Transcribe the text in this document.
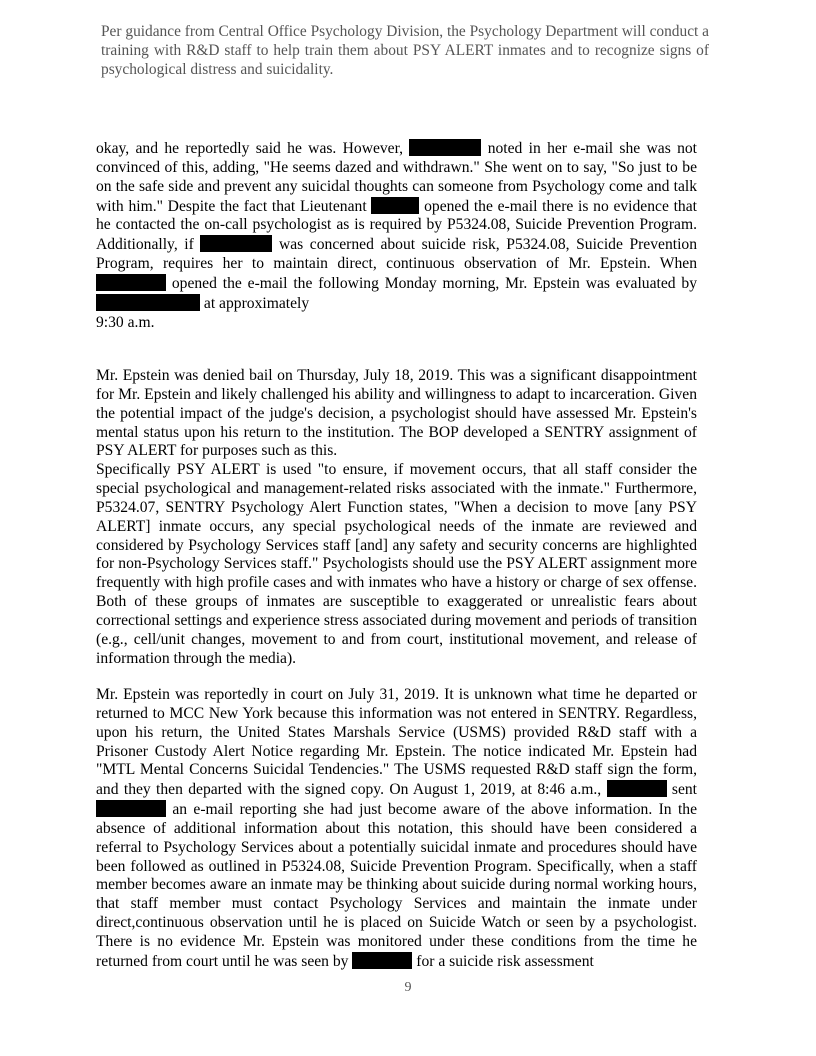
Per guidance from Central Office Psychology Division, the Psychology Department will conduct a training with R&D staff to help train them about PSY ALERT inmates and to recognize signs of psychological distress and suicidality.

okay, and he reportedly said he was. However,	noted in her e-mail she was not convinced of this, adding, "He seems dazed and withdrawn." She went on to say, "So just to be on the safe side and prevent any suicidal thoughts can someone from Psychology come and talk with him." Despite the fact that Lieutenant	opened the e-mail there is no evidence that he contacted the on-call psychologist as is required by P5324.08, Suicide Prevention Program. Additionally, if	was concerned about suicide risk, P5324.08, Suicide Prevention Program, requires her to maintain direct, continuous observation of Mr. Epstein. When  opened the e-mail the following Monday morning, Mr. Epstein was evaluated by  at approximately
9:30 a.m.

Mr. Epstein was denied bail on Thursday, July 18, 2019. This was a significant disappointment for Mr. Epstein and likely challenged his ability and willingness to adapt to incarceration. Given the potential impact of the judge's decision, a psychologist should have assessed Mr. Epstein's mental status upon his return to the institution. The BOP developed a SENTRY assignment of PSY ALERT for purposes such as this.
Specifically PSY ALERT is used "to ensure, if movement occurs, that all staff consider the special psychological and management-related risks associated with the inmate." Furthermore, P5324.07, SENTRY Psychology Alert Function states, "When a decision to move [any PSY ALERT] inmate occurs, any special psychological needs of the inmate are reviewed and considered by Psychology Services staff [and] any safety and security concerns are highlighted for non-Psychology Services staff." Psychologists should use the PSY ALERT assignment more frequently with high profile cases and with inmates who have a history or charge of sex offense. Both of these groups of inmates are susceptible to exaggerated or unrealistic fears about correctional settings and experience stress associated during movement and periods of transition (e.g., cell/unit changes, movement to and from court, institutional movement, and release of information through the media).

Mr. Epstein was reportedly in court on July 31, 2019. It is unknown what time he departed or returned to MCC New York because this information was not entered in SENTRY. Regardless, upon his return, the United States Marshals Service (USMS) provided R&D staff with a Prisoner Custody Alert Notice regarding Mr. Epstein. The notice indicated Mr. Epstein had "MTL Mental Concerns Suicidal Tendencies." The USMS requested R&D staff sign the form, and they then departed with the signed copy. On August 1, 2019, at 8:46 a.m.,	sent  an e-mail reporting she had just become aware of the above information. In the absence of additional information about this notation, this should have been considered a referral to Psychology Services about a potentially suicidal inmate and procedures should have been followed as outlined in P5324.08, Suicide Prevention Program. Specifically, when a staff member becomes aware an inmate may be thinking about suicide during normal working hours, that staff member must contact Psychology Services and maintain the inmate under direct,continuous observation until he is placed on Suicide Watch or seen by a psychologist. There is no evidence Mr. Epstein was monitored under these conditions from the time he returned from court until he was seen by	for a suicide risk assessment

9
